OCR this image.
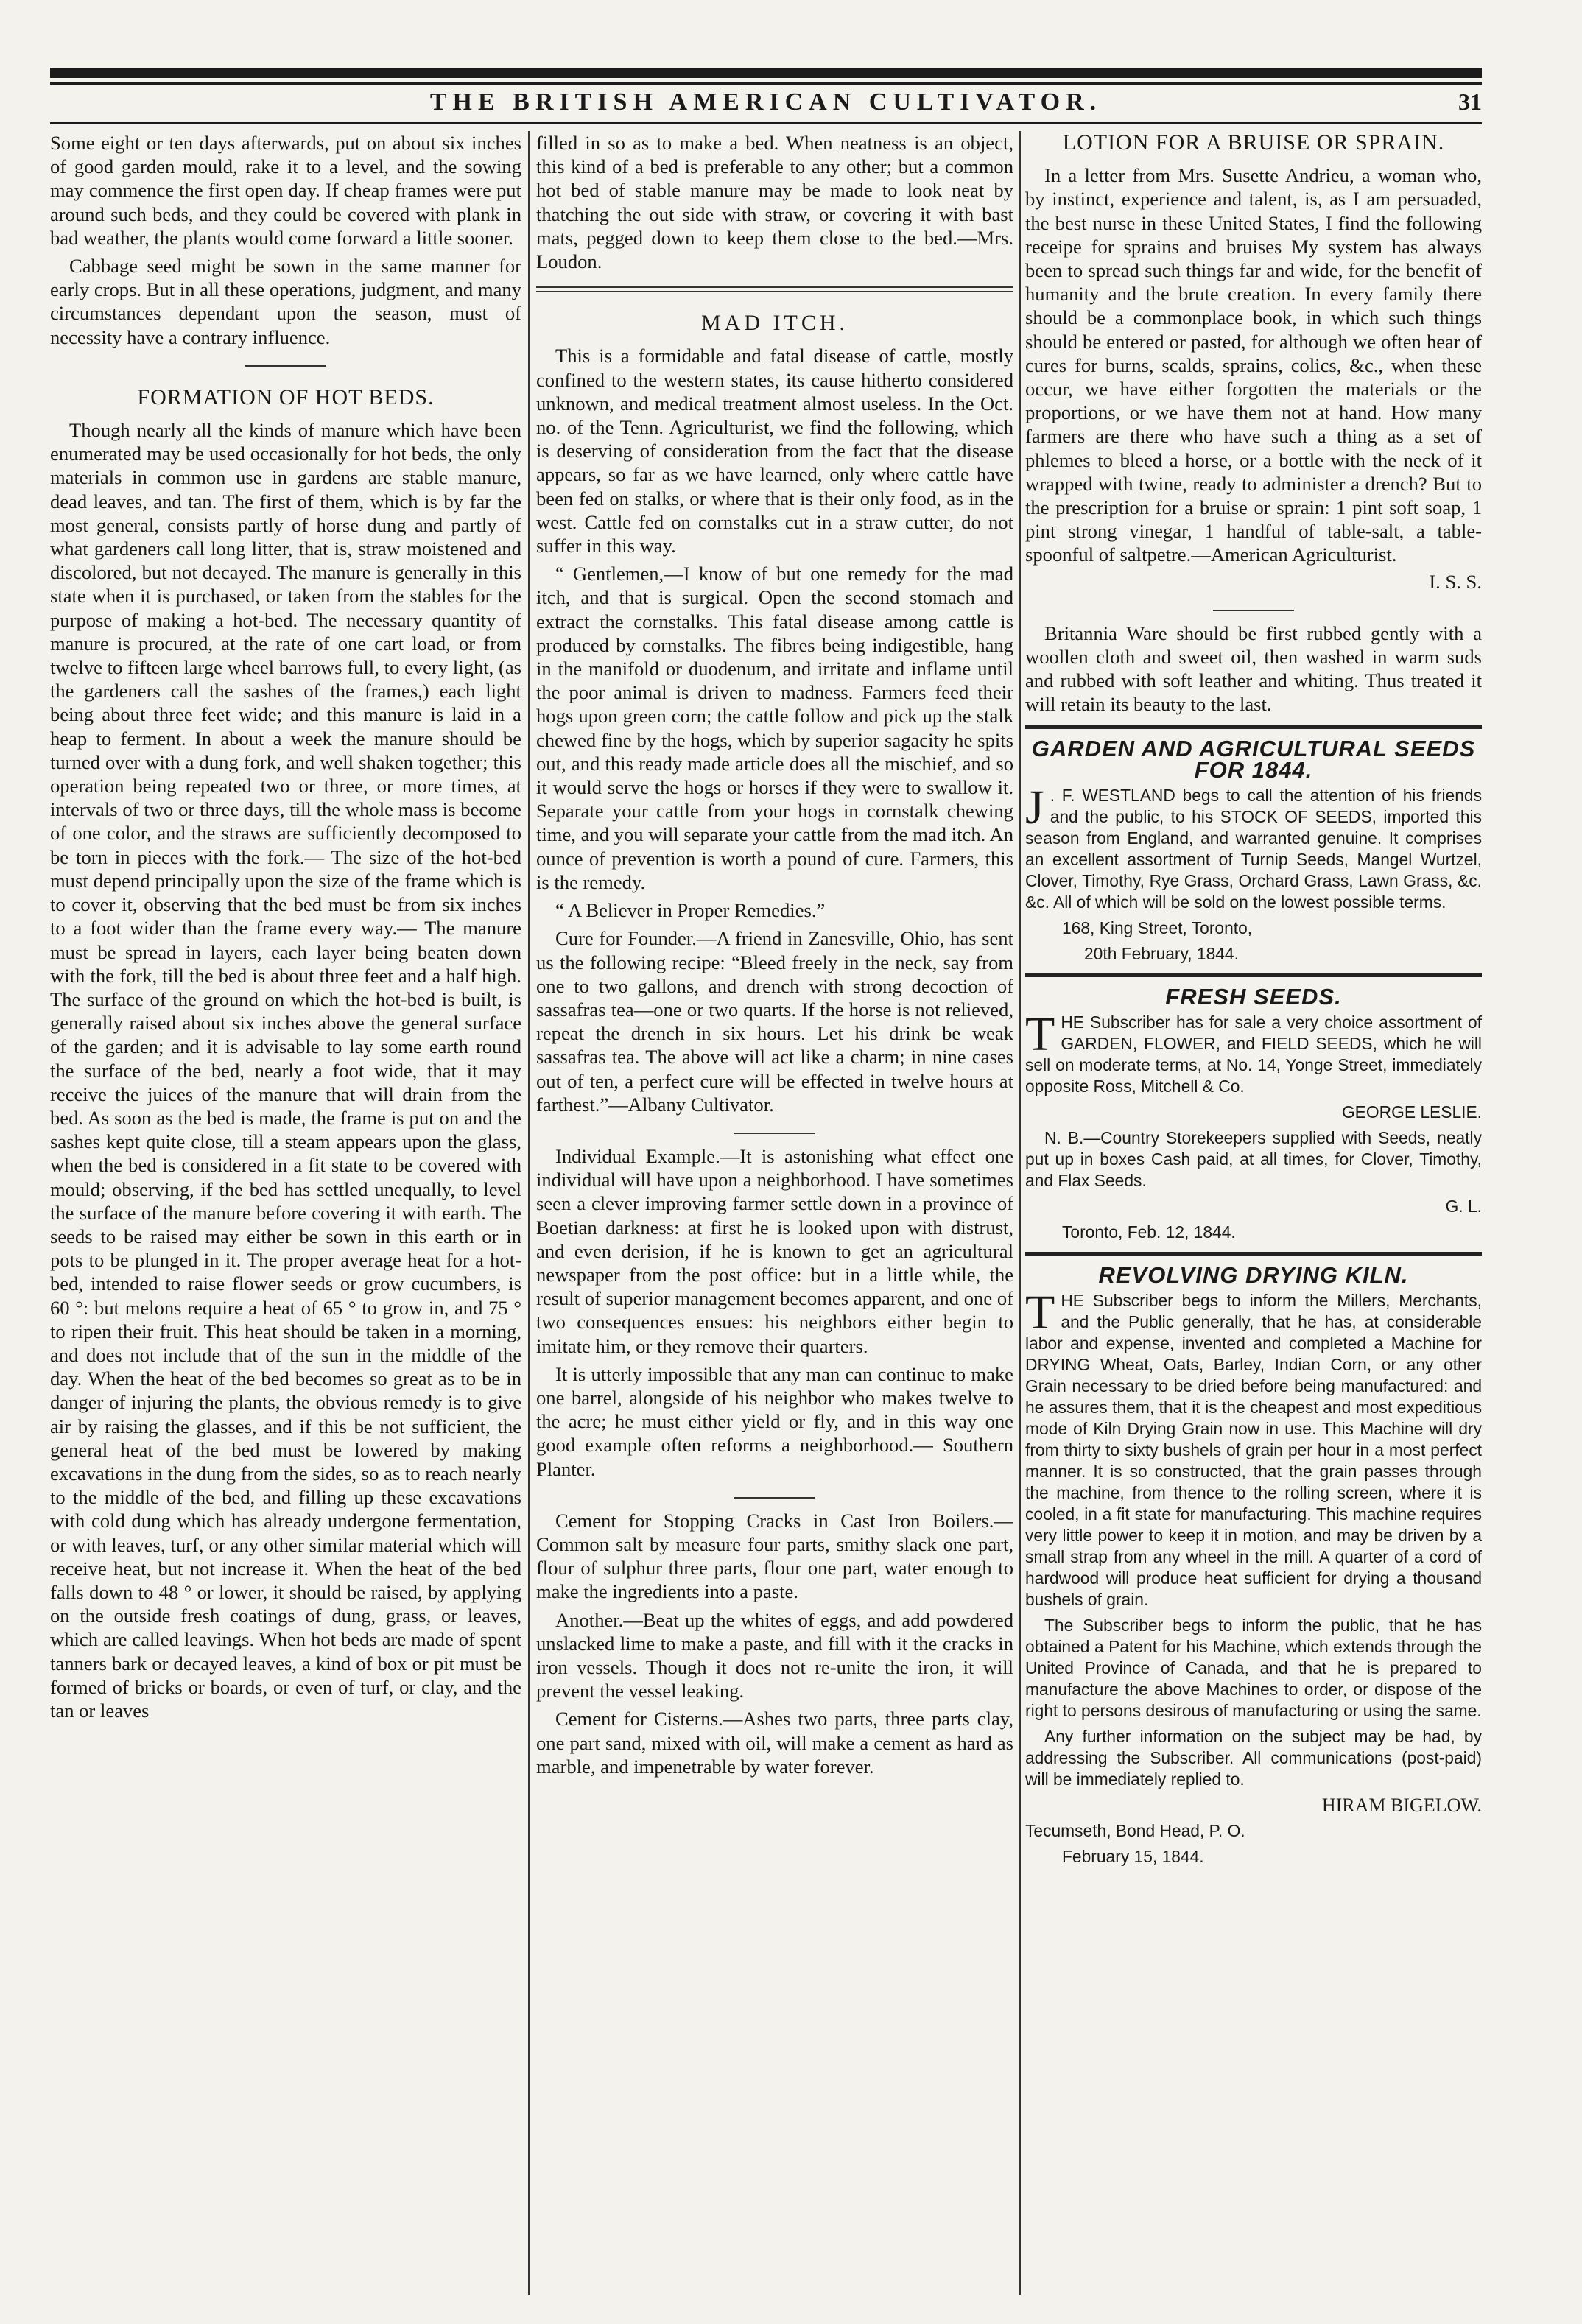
THE BRITISH AMERICAN CULTIVATOR.	31

Some eight or ten days afterwards, put on about six inches of good garden mould, rake it to a level, and the sowing may commence the first open day. If cheap frames were put around such beds, and they could be covered with plank in bad weather, the plants would come forward a little sooner.

Cabbage seed might be sown in the same manner for early crops. But in all these operations, judgment, and many circumstances dependant upon the season, must of necessity have a contrary influence.

FORMATION OF HOT BEDS.

Though nearly all the kinds of manure which have been enumerated may be used occasionally for hot beds, the only materials in common use in gardens are stable manure, dead leaves, and tan. The first of them, which is by far the most general, consists partly of horse dung and partly of what gardeners call long litter, that is, straw moistened and discolored, but not decayed. The manure is generally in this state when it is purchased, or taken from the stables for the purpose of making a hot-bed. The necessary quantity of manure is procured, at the rate of one cart load, or from twelve to fifteen large wheel barrows full, to every light, (as the gardeners call the sashes of the frames,) each light being about three feet wide; and this manure is laid in a heap to ferment. In about a week the manure should be turned over with a dung fork, and well shaken together; this operation being repeated two or three, or more times, at intervals of two or three days, till the whole mass is become of one color, and the straws are sufficiently decomposed to be torn in pieces with the fork.— The size of the hot-bed must depend principally upon the size of the frame which is to cover it, observing that the bed must be from six inches to a foot wider than the frame every way.— The manure must be spread in layers, each layer being beaten down with the fork, till the bed is about three feet and a half high. The surface of the ground on which the hot-bed is built, is generally raised about six inches above the general surface of the garden; and it is advisable to lay some earth round the surface of the bed, nearly a foot wide, that it may receive the juices of the manure that will drain from the bed. As soon as the bed is made, the frame is put on and the sashes kept quite close, till a steam appears upon the glass, when the bed is considered in a fit state to be covered with mould; observing, if the bed has settled unequally, to level the surface of the manure before covering it with earth. The seeds to be raised may either be sown in this earth or in pots to be plunged in it. The proper average heat for a hot-bed, intended to raise flower seeds or grow cucumbers, is 60 °: but melons require a heat of 65 ° to grow in, and 75 ° to ripen their fruit. This heat should be taken in a morning, and does not include that of the sun in the middle of the day. When the heat of the bed becomes so great as to be in danger of injuring the plants, the obvious remedy is to give air by raising the glasses, and if this be not sufficient, the general heat of the bed must be lowered by making excavations in the dung from the sides, so as to reach nearly to the middle of the bed, and filling up these excavations with cold dung which has already undergone fermentation, or with leaves, turf, or any other similar material which will receive heat, but not increase it. When the heat of the bed falls down to 48 ° or lower, it should be raised, by applying on the outside fresh coatings of dung, grass, or leaves, which are called leavings. When hot beds are made of spent tanners bark or decayed leaves, a kind of box or pit must be formed of bricks or boards, or even of turf, or clay, and the tan or leaves

filled in so as to make a bed. When neatness is an object, this kind of a bed is preferable to any other; but a common hot bed of stable manure may be made to look neat by thatching the out side with straw, or covering it with bast mats, pegged down to keep them close to the bed.—Mrs. Loudon.

MAD ITCH.

This is a formidable and fatal disease of cattle, mostly confined to the western states, its cause hitherto considered unknown, and medical treatment almost useless. In the Oct. no. of the Tenn. Agriculturist, we find the following, which is deserving of consideration from the fact that the disease appears, so far as we have learned, only where cattle have been fed on stalks, or where that is their only food, as in the west. Cattle fed on cornstalks cut in a straw cutter, do not suffer in this way.

“ Gentlemen,—I know of but one remedy for the mad itch, and that is surgical. Open the second stomach and extract the cornstalks. This fatal disease among cattle is produced by cornstalks. The fibres being indigestible, hang in the manifold or duodenum, and irritate and inflame until the poor animal is driven to madness. Farmers feed their hogs upon green corn; the cattle follow and pick up the stalk chewed fine by the hogs, which by superior sagacity he spits out, and this ready made article does all the mischief, and so it would serve the hogs or horses if they were to swallow it. Separate your cattle from your hogs in cornstalk chewing time, and you will separate your cattle from the mad itch. An ounce of prevention is worth a pound of cure. Farmers, this is the remedy.

“ A Believer in Proper Remedies.”

Cure for Founder.—A friend in Zanesville, Ohio, has sent us the following recipe: “Bleed freely in the neck, say from one to two gallons, and drench with strong decoction of sassafras tea—one or two quarts. If the horse is not relieved, repeat the drench in six hours. Let his drink be weak sassafras tea. The above will act like a charm; in nine cases out of ten, a perfect cure will be effected in twelve hours at farthest.”—Albany Cultivator.

Individual Example.—It is astonishing what effect one individual will have upon a neighborhood. I have sometimes seen a clever improving farmer settle down in a province of Boetian darkness: at first he is looked upon with distrust, and even derision, if he is known to get an agricultural newspaper from the post office: but in a little while, the result of superior management becomes apparent, and one of two consequences ensues: his neighbors either begin to imitate him, or they remove their quarters.

It is utterly impossible that any man can continue to make one barrel, alongside of his neighbor who makes twelve to the acre; he must either yield or fly, and in this way one good example often reforms a neighborhood.— Southern Planter.

Cement for Stopping Cracks in Cast Iron Boilers.—Common salt by measure four parts, smithy slack one part, flour of sulphur three parts, flour one part, water enough to make the ingredients into a paste.

Another.—Beat up the whites of eggs, and add powdered unslacked lime to make a paste, and fill with it the cracks in iron vessels. Though it does not re-unite the iron, it will prevent the vessel leaking.

Cement for Cisterns.—Ashes two parts, three parts clay, one part sand, mixed with oil, will make a cement as hard as marble, and impenetrable by water forever.

LOTION FOR A BRUISE OR SPRAIN.

In a letter from Mrs. Susette Andrieu, a woman who, by instinct, experience and talent, is, as I am persuaded, the best nurse in these United States, I find the following receipe for sprains and bruises My system has always been to spread such things far and wide, for the benefit of humanity and the brute creation. In every family there should be a commonplace book, in which such things should be entered or pasted, for although we often hear of cures for burns, scalds, sprains, colics, &c., when these occur, we have either forgotten the materials or the proportions, or we have them not at hand. How many farmers are there who have such a thing as a set of phlemes to bleed a horse, or a bottle with the neck of it wrapped with twine, ready to administer a drench? But to the prescription for a bruise or sprain: 1 pint soft soap, 1 pint strong vinegar, 1 handful of table-salt, a table-spoonful of saltpetre.—American Agriculturist.

I. S. S.

Britannia Ware should be first rubbed gently with a woollen cloth and sweet oil, then washed in warm suds and rubbed with soft leather and whiting. Thus treated it will retain its beauty to the last.

GARDEN AND AGRICULTURAL SEEDS FOR 1844.

J . F. WESTLAND begs to call the attention of his friends and the public, to his STOCK OF SEEDS, imported this season from England, and warranted genuine. It comprises an excellent assortment of Turnip Seeds, Mangel Wurtzel, Clover, Timothy, Rye Grass, Orchard Grass, Lawn Grass, &c. &c. All of which will be sold on the lowest possible terms.

168, King Street, Toronto,

20th February, 1844.

FRESH SEEDS.

THE Subscriber has for sale a very choice assortment of GARDEN, FLOWER, and FIELD SEEDS, which he will sell on moderate terms, at No. 14, Yonge Street, immediately opposite Ross, Mitchell & Co.

GEORGE LESLIE.

N. B.—Country Storekeepers supplied with Seeds, neatly put up in boxes Cash paid, at all times, for Clover, Timothy, and Flax Seeds.

G. L.

Toronto, Feb. 12, 1844.

REVOLVING DRYING KILN.

THE Subscriber begs to inform the Millers, Merchants, and the Public generally, that he has, at considerable labor and expense, invented and completed a Machine for DRYING Wheat, Oats, Barley, Indian Corn, or any other Grain necessary to be dried before being manufactured: and he assures them, that it is the cheapest and most expeditious mode of Kiln Drying Grain now in use. This Machine will dry from thirty to sixty bushels of grain per hour in a most perfect manner. It is so constructed, that the grain passes through the machine, from thence to the rolling screen, where it is cooled, in a fit state for manufacturing. This machine requires very little power to keep it in motion, and may be driven by a small strap from any wheel in the mill. A quarter of a cord of hardwood will produce heat sufficient for drying a thousand bushels of grain.

The Subscriber begs to inform the public, that he has obtained a Patent for his Machine, which extends through the United Province of Canada, and that he is prepared to manufacture the above Machines to order, or dispose of the right to persons desirous of manufacturing or using the same.

Any further information on the subject may be had, by addressing the Subscriber. All communications (post-paid) will be immediately replied to.

HIRAM BIGELOW.

Tecumseth, Bond Head, P. O.

February 15, 1844.
